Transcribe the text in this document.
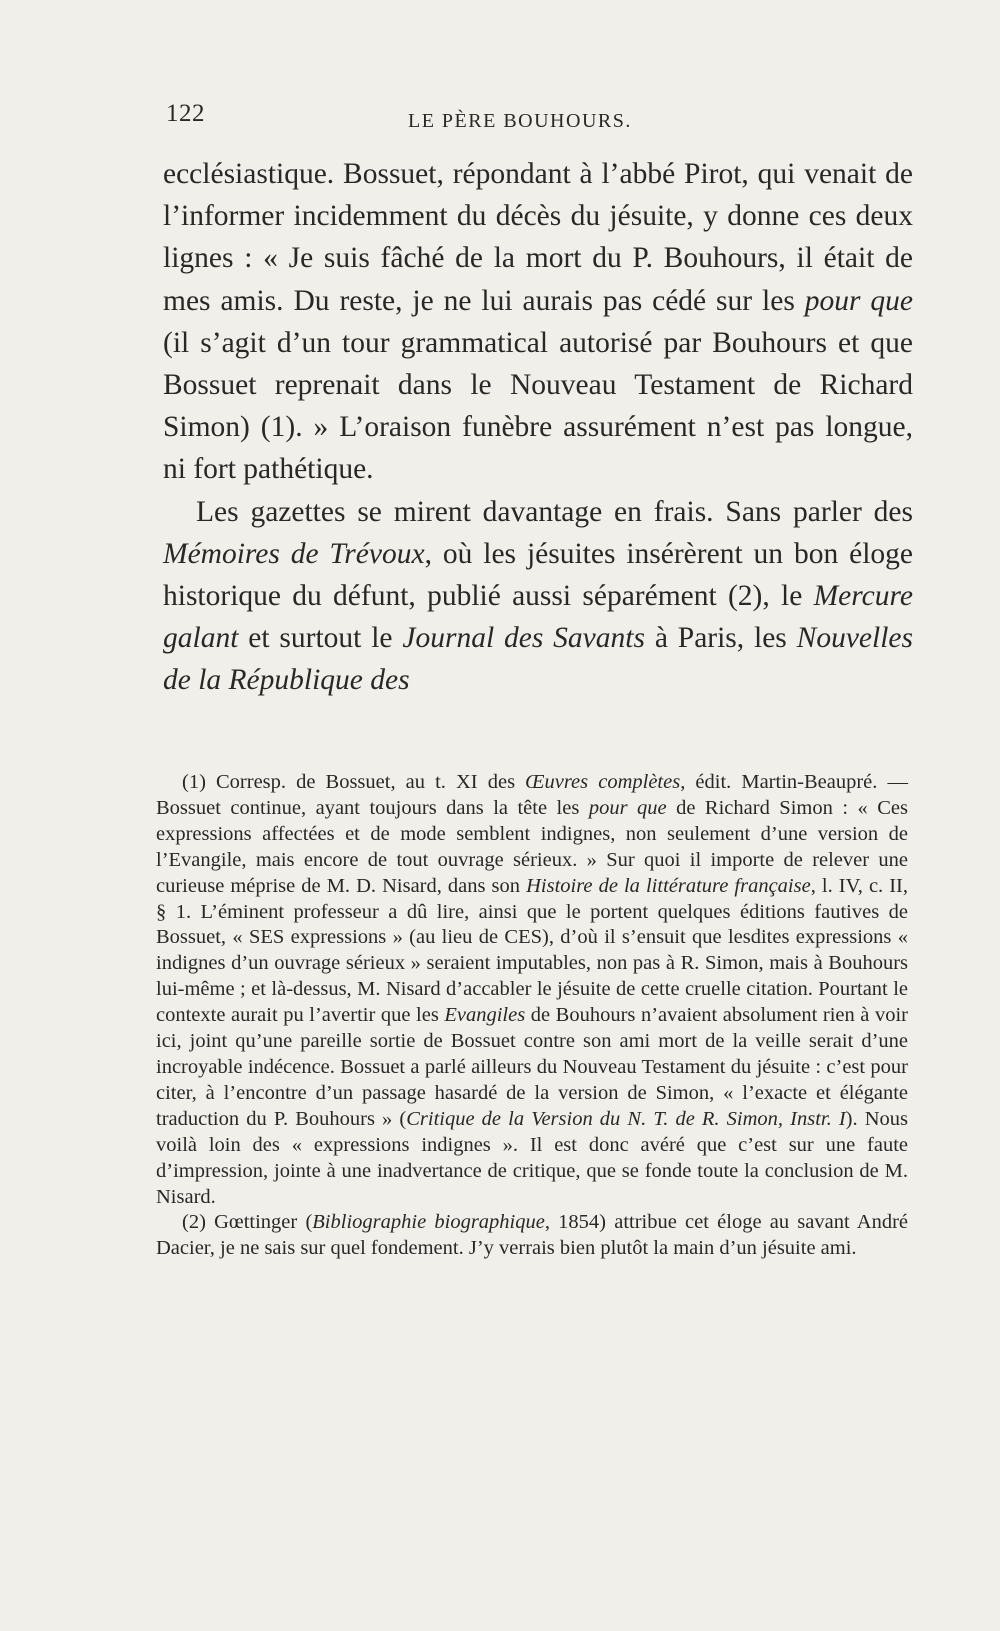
122	LE PÈRE BOUHOURS.

ecclésiastique. Bossuet, répondant à l’abbé Pirot, qui venait de l’informer incidemment du décès du jésuite, y donne ces deux lignes : « Je suis fâché de la mort du P. Bouhours, il était de mes amis. Du reste, je ne lui aurais pas cédé sur les pour que (il s’agit d’un tour grammatical autorisé par Bouhours et que Bossuet reprenait dans le Nouveau Testament de Richard Simon) (1). » L’oraison funèbre assurément n’est pas longue, ni fort pathétique.

Les gazettes se mirent davantage en frais. Sans parler des Mémoires de Trévoux, où les jésuites insérèrent un bon éloge historique du défunt, publié aussi séparément (2), le Mercure galant et surtout le Journal des Savants à Paris, les Nouvelles de la République des

(1) Corresp. de Bossuet, au t. XI des Œuvres complètes, édit. Martin-Beaupré. — Bossuet continue, ayant toujours dans la tête les pour que de Richard Simon : « Ces expressions affectées et de mode semblent indignes, non seulement d’une version de l’Evangile, mais encore de tout ouvrage sérieux. » Sur quoi il importe de relever une curieuse méprise de M. D. Nisard, dans son Histoire de la littérature française, l. IV, c. II, § 1. L’éminent professeur a dû lire, ainsi que le portent quelques éditions fautives de Bossuet, « SES expressions » (au lieu de CES), d’où il s’ensuit que lesdites expressions « indignes d’un ouvrage sérieux » seraient imputables, non pas à R. Simon, mais à Bouhours lui-même ; et là-dessus, M. Nisard d’accabler le jésuite de cette cruelle citation. Pourtant le contexte aurait pu l’avertir que les Evangiles de Bouhours n’avaient absolument rien à voir ici, joint qu’une pareille sortie de Bossuet contre son ami mort de la veille serait d’une incroyable indécence. Bossuet a parlé ailleurs du Nouveau Testament du jésuite : c’est pour citer, à l’encontre d’un passage hasardé de la version de Simon, « l’exacte et élégante traduction du P. Bouhours » (Critique de la Version du N. T. de R. Simon, Instr. I). Nous voilà loin des « expressions indignes ». Il est donc avéré que c’est sur une faute d’impression, jointe à une inadvertance de critique, que se fonde toute la conclusion de M. Nisard.

(2) Gœttinger (Bibliographie biographique, 1854) attribue cet éloge au savant André Dacier, je ne sais sur quel fondement. J’y verrais bien plutôt la main d’un jésuite ami.
